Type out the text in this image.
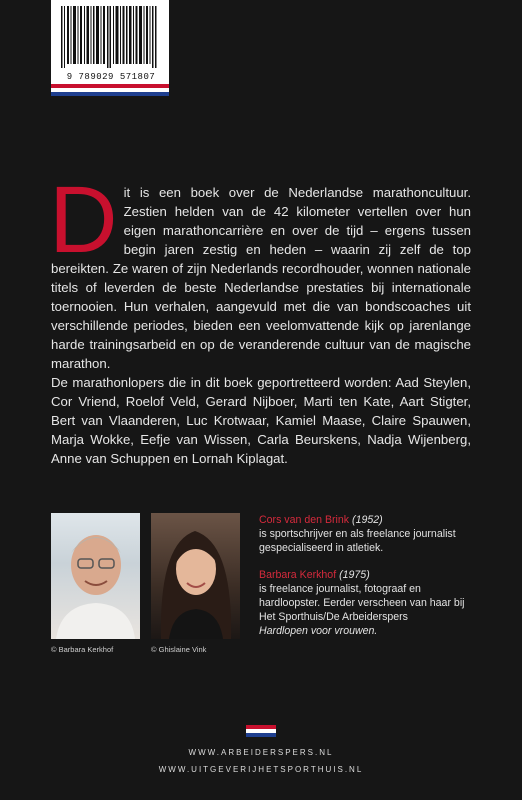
9 789029 571807

Dit is een boek over de Nederlandse marathoncultuur. Zestien helden van de 42 kilometer vertellen over hun eigen marathoncarrière en over de tijd – ergens tussen begin jaren zestig en heden – waarin zij zelf de top bereikten. Ze waren of zijn Nederlands recordhouder, wonnen nationale titels of leverden de beste Nederlandse prestaties bij internationale toernooien. Hun verhalen, aangevuld met die van bondscoaches uit verschillende periodes, bieden een veelomvattende kijk op jarenlange harde trainingsarbeid en op de veranderende cultuur van de magische marathon.

De marathonlopers die in dit boek geportretteerd worden: Aad Steylen, Cor Vriend, Roelof Veld, Gerard Nijboer, Marti ten Kate, Aart Stigter, Bert van Vlaanderen, Luc Krotwaar, Kamiel Maase, Claire Spauwen, Marja Wokke, Eefje van Wissen, Carla Beurskens, Nadja Wijenberg, Anne van Schuppen en Lornah Kiplagat.

© Barbara Kerkhof	© Ghislaine Vink
Cors van den Brink (1952)
is sportschrijver en als freelance journalist gespecialiseerd in atletiek.
Barbara Kerkhof (1975)
is freelance journalist, fotograaf en hardloopster. Eerder verscheen van haar bij Het Sporthuis/De Arbeiderspers
Hardlopen voor vrouwen.
WWW.ARBEIDERSPERS.NL
WWW.UITGEVERIJHETSPORTHUIS.NL
